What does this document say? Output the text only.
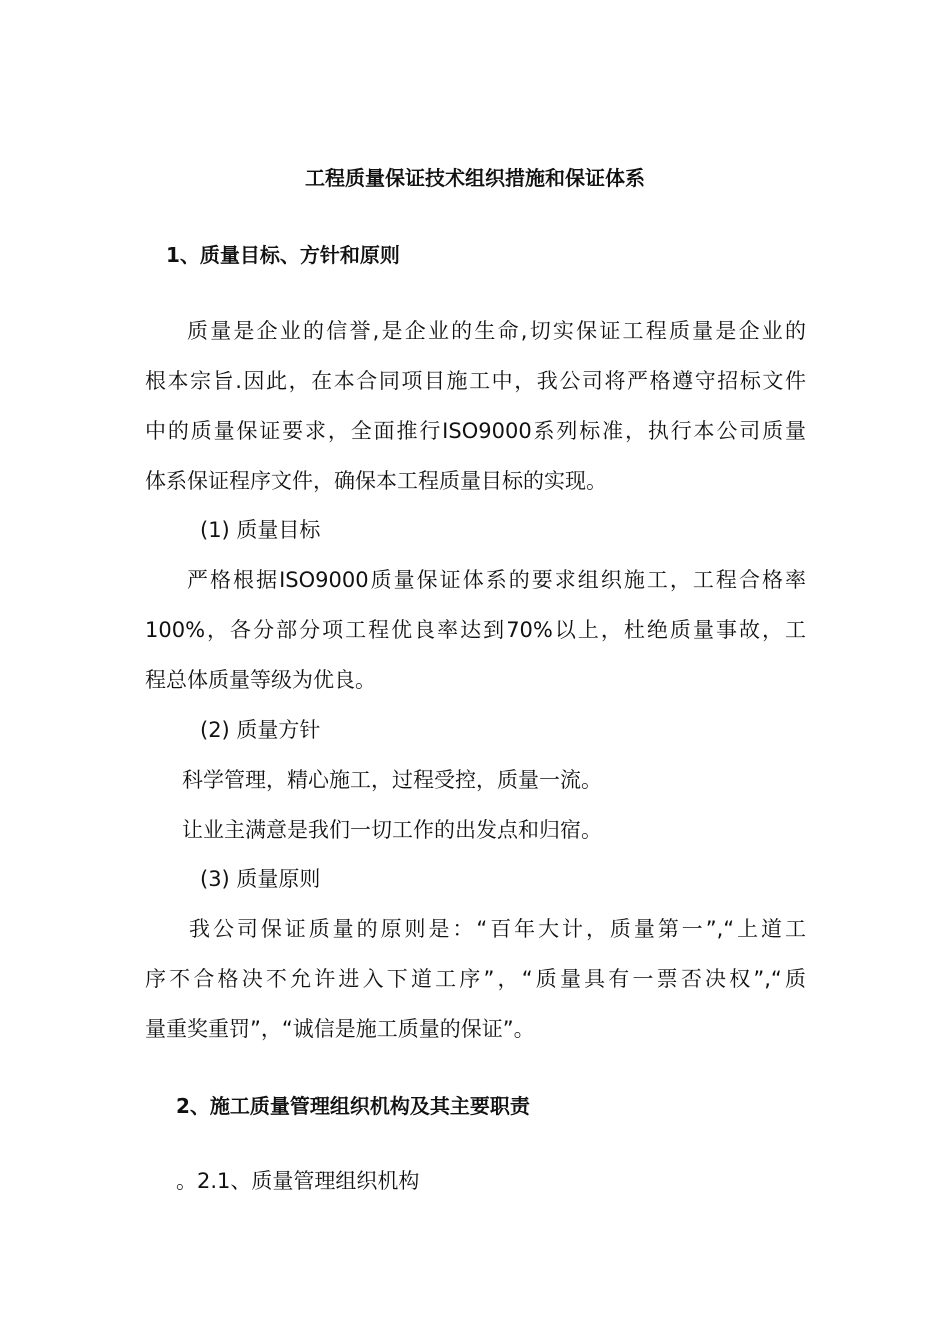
工程质量保证技术组织措施和保证体系
1、质量目标、方针和原则
质量是企业的信誉,是企业的生命,切实保证工程质量是企业的
根本宗旨.因此，在本合同项目施工中，我公司将严格遵守招标文件
中的质量保证要求，全面推行ISO9000系列标准，执行本公司质量
体系保证程序文件，确保本工程质量目标的实现。
(1) 质量目标
严格根据ISO9000质量保证体系的要求组织施工，工程合格率
100%，各分部分项工程优良率达到70%以上，杜绝质量事故，工
程总体质量等级为优良。
(2) 质量方针
科学管理，精心施工，过程受控，质量一流。
让业主满意是我们一切工作的出发点和归宿。
(3) 质量原则
我公司保证质量的原则是：“百年大计，质量第一”,“上道工
序不合格决不允许进入下道工序”，“质量具有一票否决权”,“质
量重奖重罚”，“诚信是施工质量的保证”。
2、施工质量管理组织机构及其主要职责
。2.1、质量管理组织机构
